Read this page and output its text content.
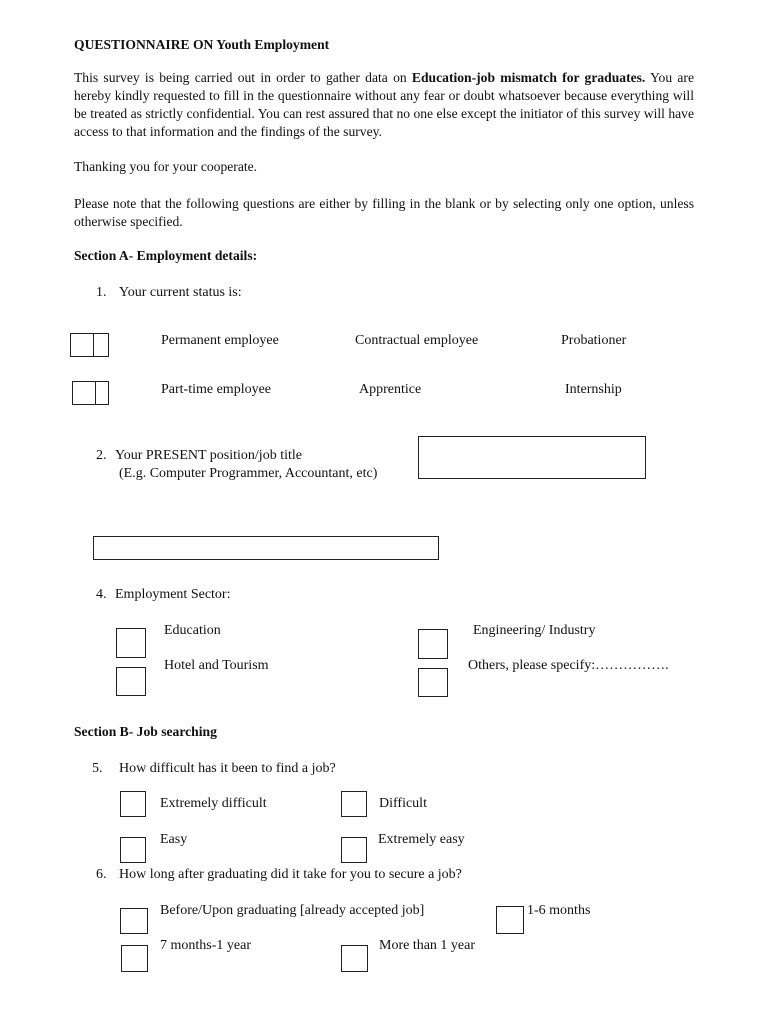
QUESTIONNAIRE ON Youth Employment
This survey is being carried out in order to gather data on Education-job mismatch for graduates. You are hereby kindly requested to fill in the questionnaire without any fear or doubt whatsoever because everything will be treated as strictly confidential. You can rest assured that no one else except the initiator of this survey will have access to that information and the findings of the survey.
Thanking you for your cooperate.
Please note that the following questions are either by filling in the blank or by selecting only one option, unless otherwise specified.
Section A- Employment details:
1. Your current status is:
Permanent employee	Contractual employee	Probationer
Part-time employee	Apprentice	Internship
2. Your PRESENT position/job title
(E.g. Computer Programmer, Accountant, etc)
4. Employment Sector:
Education	Engineering/ Industry
Hotel and Tourism	Others, please specify:…………….
Section B- Job searching
5. How difficult has it been to find a job?
Extremely difficult	Difficult
Easy	Extremely easy
6. How long after graduating did it take for you to secure a job?
Before/Upon graduating [already accepted job]	1-6 months
7 months-1 year	More than 1 year
